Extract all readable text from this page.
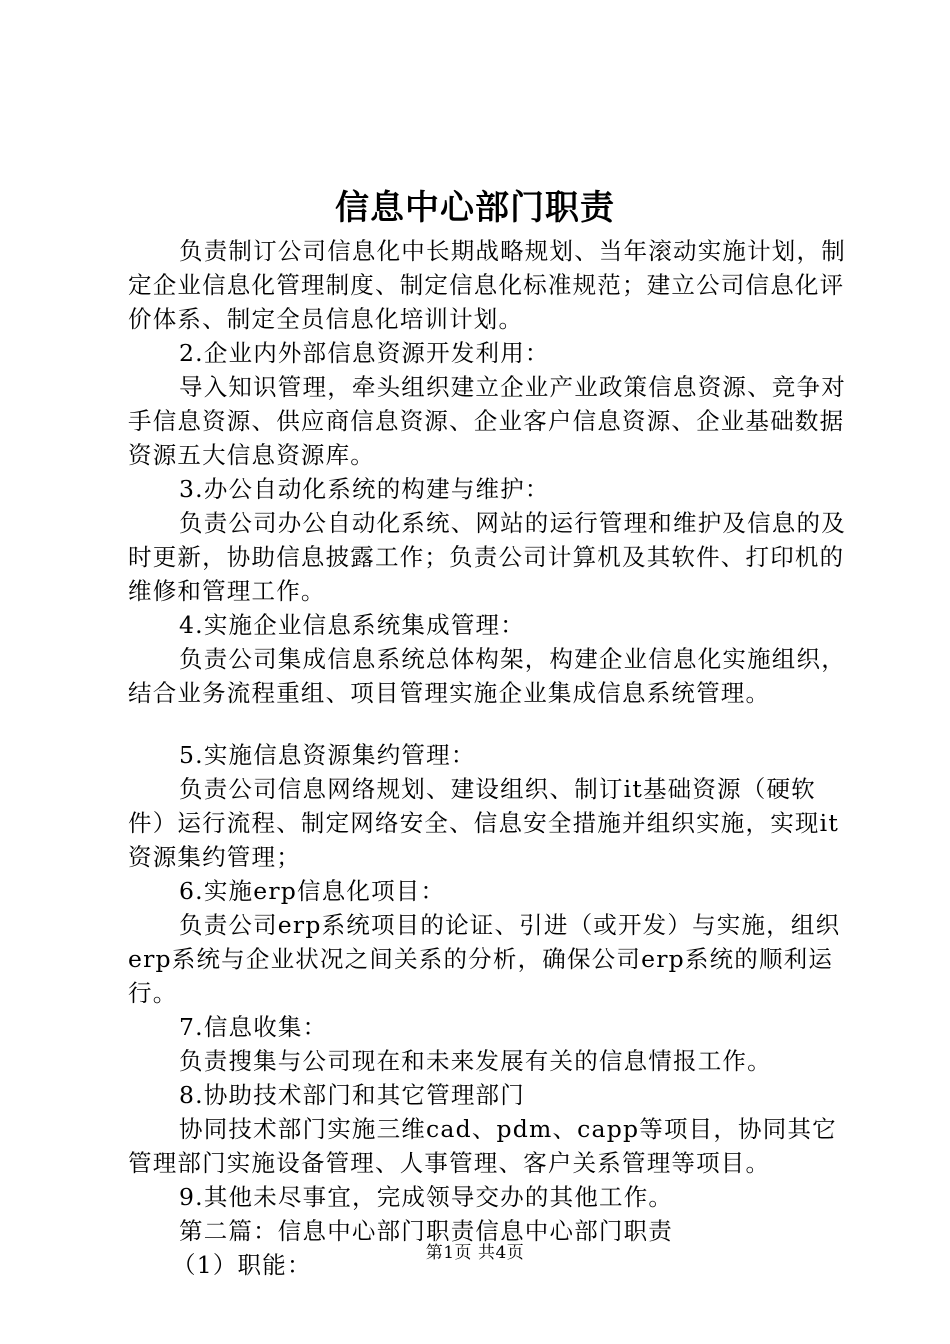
信息中心部门职责

负责制订公司信息化中长期战略规划、当年滚动实施计划，制定企业信息化管理制度、制定信息化标准规范；建立公司信息化评价体系、制定全员信息化培训计划。

2.企业内外部信息资源开发利用：

导入知识管理，牵头组织建立企业产业政策信息资源、竞争对手信息资源、供应商信息资源、企业客户信息资源、企业基础数据资源五大信息资源库。

3.办公自动化系统的构建与维护：

负责公司办公自动化系统、网站的运行管理和维护及信息的及时更新，协助信息披露工作；负责公司计算机及其软件、打印机的维修和管理工作。

4.实施企业信息系统集成管理：

负责公司集成信息系统总体构架，构建企业信息化实施组织，结合业务流程重组、项目管理实施企业集成信息系统管理。

5.实施信息资源集约管理：

负责公司信息网络规划、建设组织、制订it基础资源（硬软件）运行流程、制定网络安全、信息安全措施并组织实施，实现it资源集约管理；

6.实施erp信息化项目：

负责公司erp系统项目的论证、引进（或开发）与实施，组织erp系统与企业状况之间关系的分析，确保公司erp系统的顺利运行。

7.信息收集：

负责搜集与公司现在和未来发展有关的信息情报工作。

8.协助技术部门和其它管理部门

协同技术部门实施三维cad、pdm、capp等项目，协同其它管理部门实施设备管理、人事管理、客户关系管理等项目。

9.其他未尽事宜，完成领导交办的其他工作。

第二篇：信息中心部门职责信息中心部门职责

（1）职能：	第1页 共4页
